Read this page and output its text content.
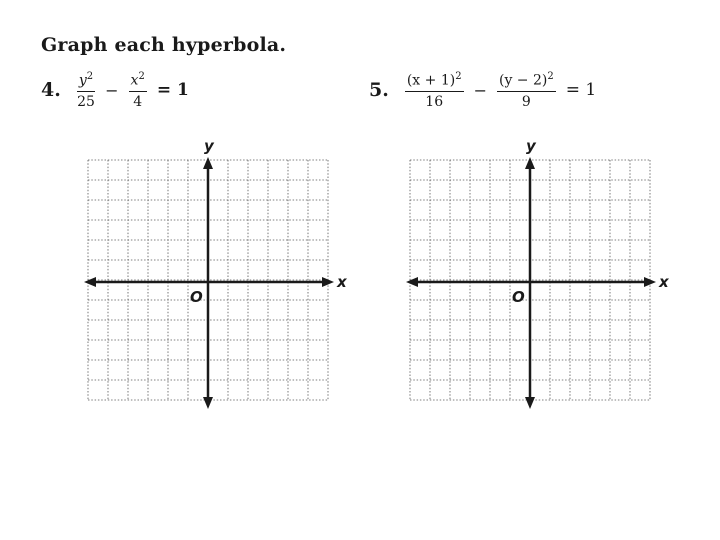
Graph each hyperbola.
4. $\frac{y^2}{25} - \frac{x^2}{4} = 1$	5. $\frac{(x + 1)^2}{16} - \frac{(y - 2)^2}{9} = 1$
y
x
O
y
x
O
